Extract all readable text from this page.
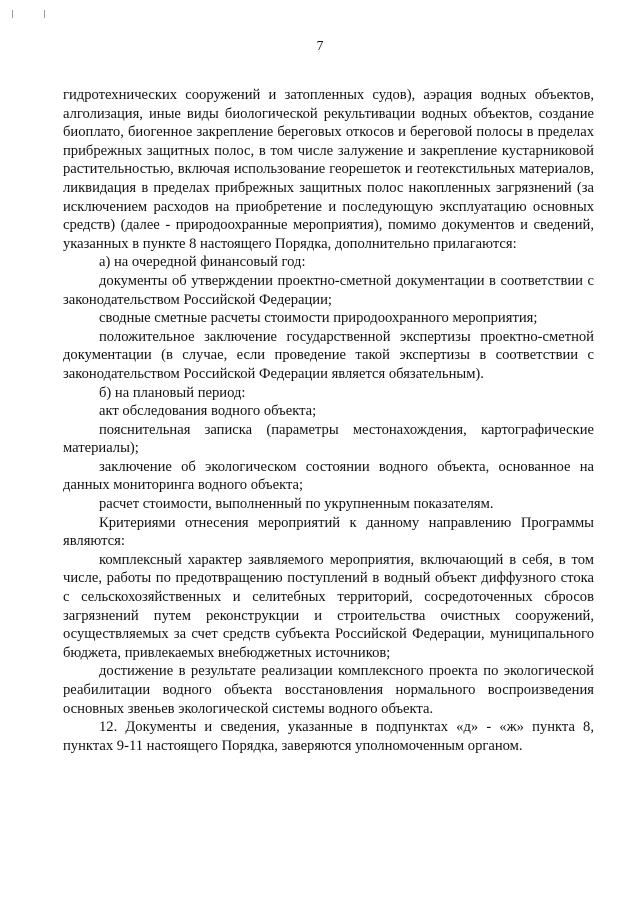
7

гидротехнических сооружений и затопленных судов), аэрация водных объектов, алголизация, иные виды биологической рекультивации водных объектов, создание биоплато, биогенное закрепление береговых откосов и береговой полосы в пределах прибрежных защитных полос, в том числе залужение и закрепление кустарниковой растительностью, включая использование георешеток и геотекстильных материалов, ликвидация в пределах прибрежных защитных полос накопленных загрязнений (за исключением расходов на приобретение и последующую эксплуатацию основных средств) (далее - природоохранные мероприятия), помимо документов и сведений, указанных в пункте 8 настоящего Порядка, дополнительно прилагаются:

а) на очередной финансовый год:

документы об утверждении проектно-сметной документации в соответствии с законодательством Российской Федерации;

сводные сметные расчеты стоимости природоохранного мероприятия;

положительное заключение государственной экспертизы проектно-сметной документации (в случае, если проведение такой экспертизы в соответствии с законодательством Российской Федерации является обязательным).

б) на плановый период:

акт обследования водного объекта;

пояснительная записка (параметры местонахождения, картографические материалы);

заключение об экологическом состоянии водного объекта, основанное на данных мониторинга водного объекта;

расчет стоимости, выполненный по укрупненным показателям.

Критериями отнесения мероприятий к данному направлению Программы являются:

комплексный характер заявляемого мероприятия, включающий в себя, в том числе, работы по предотвращению поступлений в водный объект диффузного стока с сельскохозяйственных и селитебных территорий, сосредоточенных сбросов загрязнений путем реконструкции и строительства очистных сооружений, осуществляемых за счет средств субъекта Российской Федерации, муниципального бюджета, привлекаемых внебюджетных источников;

достижение в результате реализации комплексного проекта по экологической реабилитации водного объекта восстановления нормального воспроизведения основных звеньев экологической системы водного объекта.

12. Документы и сведения, указанные в подпунктах «д» - «ж» пункта 8, пунктах 9-11 настоящего Порядка, заверяются уполномоченным органом.
